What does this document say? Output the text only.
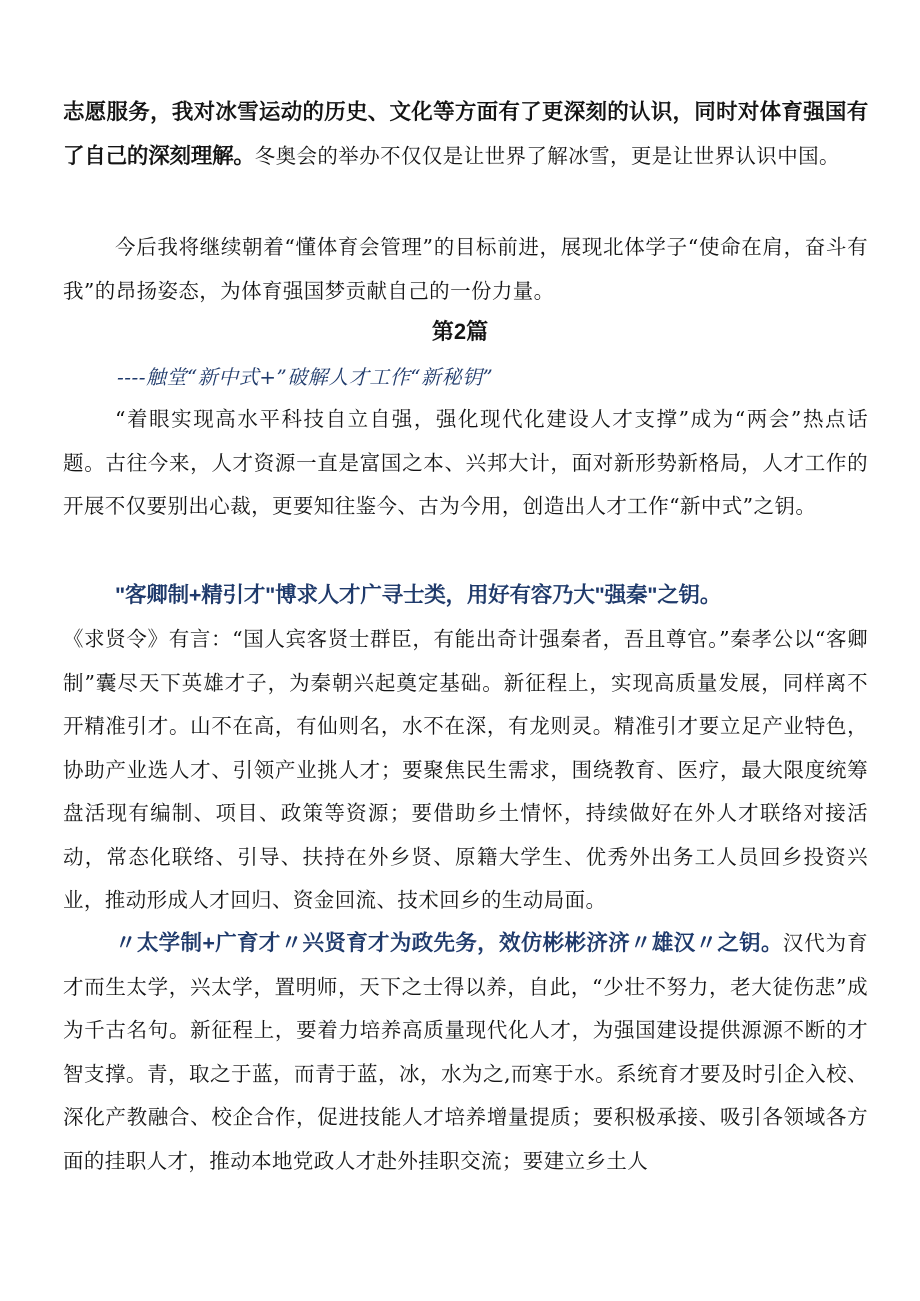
志愿服务，我对冰雪运动的历史、文化等方面有了更深刻的认识，同时对体育强国有了自己的深刻理解。冬奥会的举办不仅仅是让世界了解冰雪，更是让世界认识中国。

今后我将继续朝着“懂体育会管理”的目标前进，展现北体学子“使命在肩，奋斗有我”的昂扬姿态，为体育强国梦贡献自己的一份力量。

第2篇
----触堂“新中式+”破解人才工作“新秘钥”

“着眼实现高水平科技自立自强，强化现代化建设人才支撑”成为“两会”热点话题。古往今来，人才资源一直是富国之本、兴邦大计，面对新形势新格局，人才工作的开展不仅要别出心裁，更要知往鉴今、古为今用，创造出人才工作“新中式”之钥。

"客卿制+精引才"博求人才广寻士类，用好有容乃大"强秦"之钥。

《求贤令》有言：“国人宾客贤士群臣，有能出奇计强秦者，吾且尊官。”秦孝公以“客卿制”囊尽天下英雄才子，为秦朝兴起奠定基础。新征程上，实现高质量发展，同样离不开精准引才。山不在高，有仙则名，水不在深，有龙则灵。精准引才要立足产业特色，协助产业选人才、引领产业挑人才；要聚焦民生需求，围绕教育、医疗，最大限度统筹盘活现有编制、项目、政策等资源；要借助乡土情怀，持续做好在外人才联络对接活动，常态化联络、引导、扶持在外乡贤、原籍大学生、优秀外出务工人员回乡投资兴业，推动形成人才回归、资金回流、技术回乡的生动局面。

〃太学制+广育才〃兴贤育才为政先务，效仿彬彬济济〃雄汉〃之钥。汉代为育才而生太学，兴太学，置明师，天下之士得以养，自此，“少壮不努力，老大徒伤悲”成为千古名句。新征程上，要着力培养高质量现代化人才，为强国建设提供源源不断的才智支撑。青，取之于蓝，而青于蓝，冰，水为之,而寒于水。系统育才要及时引企入校、深化产教融合、校企合作，促进技能人才培养增量提质；要积极承接、吸引各领域各方面的挂职人才，推动本地党政人才赴外挂职交流；要建立乡土人
